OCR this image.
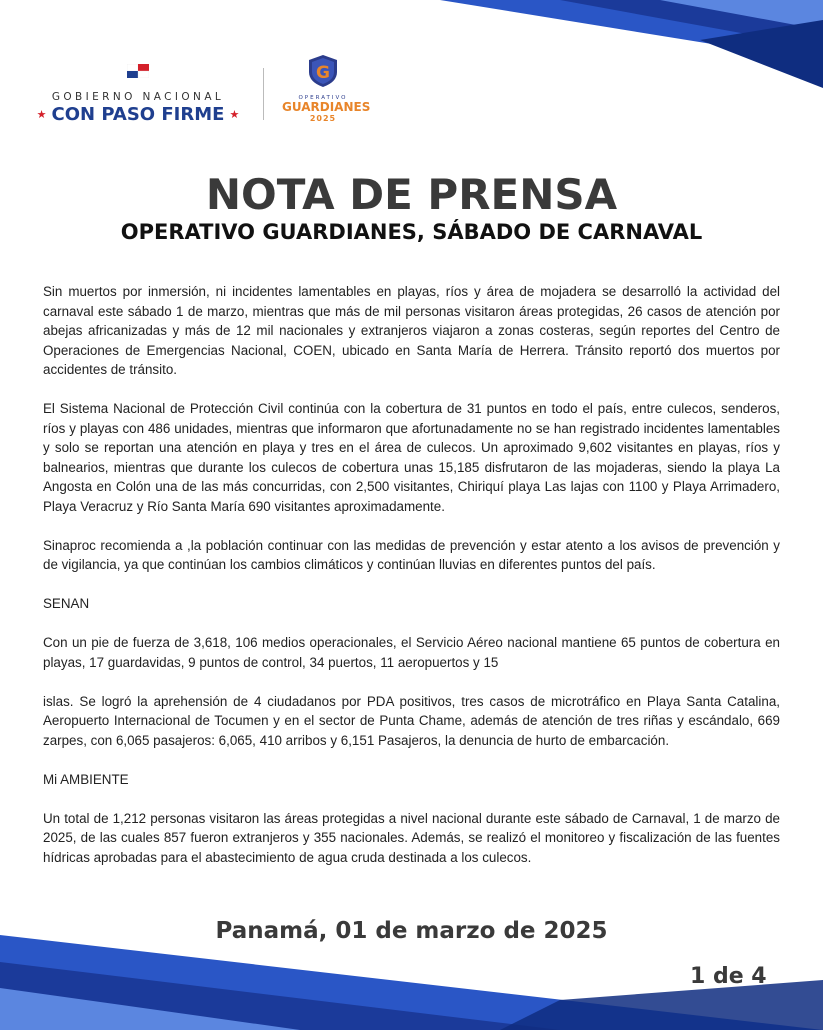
GOBIERNO NACIONAL
★ CON PASO FIRME ★
G
OPERATIVO
GUARDIANES
2025
NOTA DE PRENSA
OPERATIVO GUARDIANES, SÁBADO DE CARNAVAL

Sin muertos por inmersión, ni incidentes lamentables en playas, ríos y área de mojadera se desarrolló la actividad del carnaval este sábado 1 de marzo, mientras que más de mil personas visitaron áreas protegidas, 26 casos de atención por abejas africanizadas y más de 12 mil nacionales y extranjeros viajaron a zonas costeras, según reportes del Centro de Operaciones de Emergencias Nacional, COEN, ubicado en Santa María de Herrera. Tránsito reportó dos muertos por accidentes de tránsito.

El Sistema Nacional de Protección Civil continúa con la cobertura de 31 puntos en todo el país, entre culecos, senderos, ríos y playas con 486 unidades, mientras que informaron que afortunadamente no se han registrado incidentes lamentables y solo se reportan una atención en playa y tres en el área de culecos. Un aproximado 9,602 visitantes en playas, ríos y balnearios, mientras que durante los culecos de cobertura unas 15,185 disfrutaron de las mojaderas, siendo la playa La Angosta en Colón una de las más concurridas, con 2,500 visitantes, Chiriquí playa Las lajas con 1100 y Playa Arrimadero, Playa Veracruz y Río Santa María 690 visitantes aproximadamente.

Sinaproc recomienda a ,la población continuar con las medidas de prevención y estar atento a los avisos de prevención y de vigilancia, ya que continúan los cambios climáticos y continúan lluvias en diferentes puntos del país.

SENAN

Con un pie de fuerza de 3,618, 106 medios operacionales, el Servicio Aéreo nacional mantiene 65 puntos de cobertura en playas, 17 guardavidas, 9 puntos de control, 34 puertos, 11 aeropuertos y 15

islas. Se logró la aprehensión de 4 ciudadanos por PDA positivos, tres casos de microtráfico en Playa Santa Catalina, Aeropuerto Internacional de Tocumen y en el sector de Punta Chame, además de atención de tres riñas y escándalo, 669 zarpes, con 6,065 pasajeros: 6,065, 410 arribos y 6,151 Pasajeros, la denuncia de hurto de embarcación.

Mi AMBIENTE

Un total de 1,212 personas visitaron las áreas protegidas a nivel nacional durante este sábado de Carnaval, 1 de marzo de 2025, de las cuales 857 fueron extranjeros y 355 nacionales. Además, se realizó el monitoreo y fiscalización de las fuentes hídricas aprobadas para el abastecimiento de agua cruda destinada a los culecos.

Panamá, 01 de marzo de 2025
1 de 4
